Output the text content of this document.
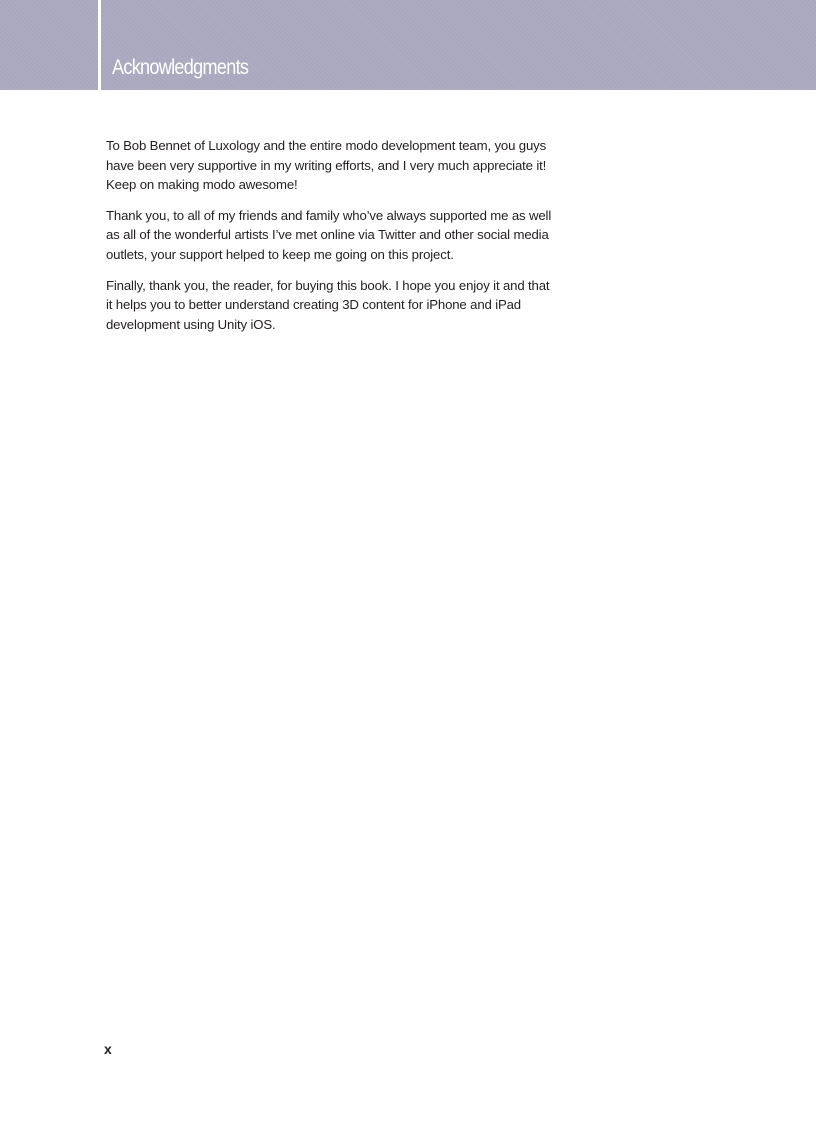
Acknowledgments

To Bob Bennet of Luxology and the entire modo development team, you guys have been very supportive in my writing efforts, and I very much appreciate it! Keep on making modo awesome!

Thank you, to all of my friends and family who’ve always supported me as well as all of the wonderful artists I’ve met online via Twitter and other social media outlets, your support helped to keep me going on this project.

Finally, thank you, the reader, for buying this book. I hope you enjoy it and that it helps you to better understand creating 3D content for iPhone and iPad development using Unity iOS.

x
